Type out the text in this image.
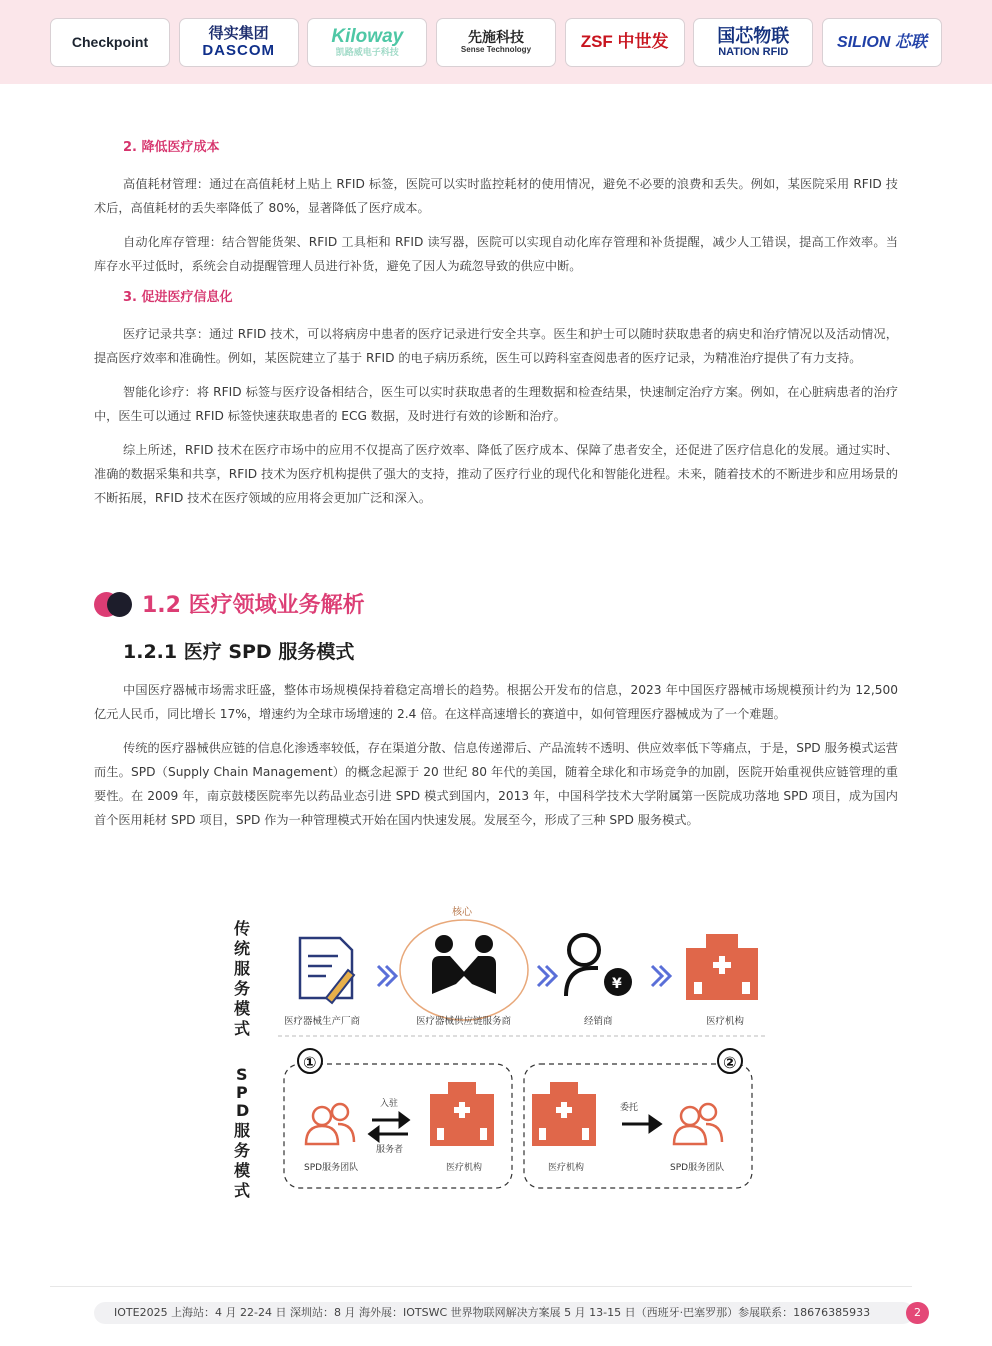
Checkpoint	得实集团
DASCOM
Kiloway
凯路威电子科技
先施科技
Sense Technology	ZSF 中世发	国芯物联
NATION RFID
SILION 芯联
2. 降低医疗成本

高值耗材管理：通过在高值耗材上贴上 RFID 标签，医院可以实时监控耗材的使用情况，避免不必要的浪费和丢失。例如，某医院采用 RFID 技术后，高值耗材的丢失率降低了 80%，显著降低了医疗成本。

自动化库存管理：结合智能货架、RFID 工具柜和 RFID 读写器，医院可以实现自动化库存管理和补货提醒，减少人工错误，提高工作效率。当库存水平过低时，系统会自动提醒管理人员进行补货，避免了因人为疏忽导致的供应中断。

3. 促进医疗信息化

医疗记录共享：通过 RFID 技术，可以将病房中患者的医疗记录进行安全共享。医生和护士可以随时获取患者的病史和治疗情况以及活动情况，提高医疗效率和准确性。例如，某医院建立了基于 RFID 的电子病历系统，医生可以跨科室查阅患者的医疗记录，为精准治疗提供了有力支持。

智能化诊疗：将 RFID 标签与医疗设备相结合，医生可以实时获取患者的生理数据和检查结果，快速制定治疗方案。例如，在心脏病患者的治疗中，医生可以通过 RFID 标签快速获取患者的 ECG 数据，及时进行有效的诊断和治疗。

综上所述，RFID 技术在医疗市场中的应用不仅提高了医疗效率、降低了医疗成本、保障了患者安全，还促进了医疗信息化的发展。通过实时、准确的数据采集和共享，RFID 技术为医疗机构提供了强大的支持，推动了医疗行业的现代化和智能化进程。未来，随着技术的不断进步和应用场景的不断拓展，RFID 技术在医疗领域的应用将会更加广泛和深入。

1.2 医疗领域业务解析
1.2.1 医疗 SPD 服务模式

中国医疗器械市场需求旺盛，整体市场规模保持着稳定高增长的趋势。根据公开发布的信息，2023 年中国医疗器械市场规模预计约为 12,500 亿元人民币，同比增长 17%，增速约为全球市场增速的 2.4 倍。在这样高速增长的赛道中，如何管理医疗器械成为了一个难题。

传统的医疗器械供应链的信息化渗透率较低，存在渠道分散、信息传递滞后、产品流转不透明、供应效率低下等痛点，于是，SPD 服务模式运营而生。SPD（Supply Chain Management）的概念起源于 20 世纪 80 年代的美国，随着全球化和市场竞争的加剧，医院开始重视供应链管理的重要性。在 2009 年，南京鼓楼医院率先以药品业态引进 SPD 模式到国内，2013 年，中国科学技术大学附属第一医院成功落地 SPD 项目，成为国内首个医用耗材 SPD 项目，SPD 作为一种管理模式开始在国内快速发展。发展至今，形成了三种 SPD 服务模式。

传
统
服
务
模
式
S
P
D
服
务
模
式
医疗器械生产厂商
核心
医疗器械供应链服务商
¥
经销商	医疗机构
①
SPD服务团队
入驻
服务者
医疗机构
②
医疗机构
委托
SPD服务团队
IOTE2025 上海站：4 月 22-24 日 深圳站：8 月 海外展：IOTSWC 世界物联网解决方案展 5 月 13-15 日（西班牙·巴塞罗那）参展联系：18676385933	2
